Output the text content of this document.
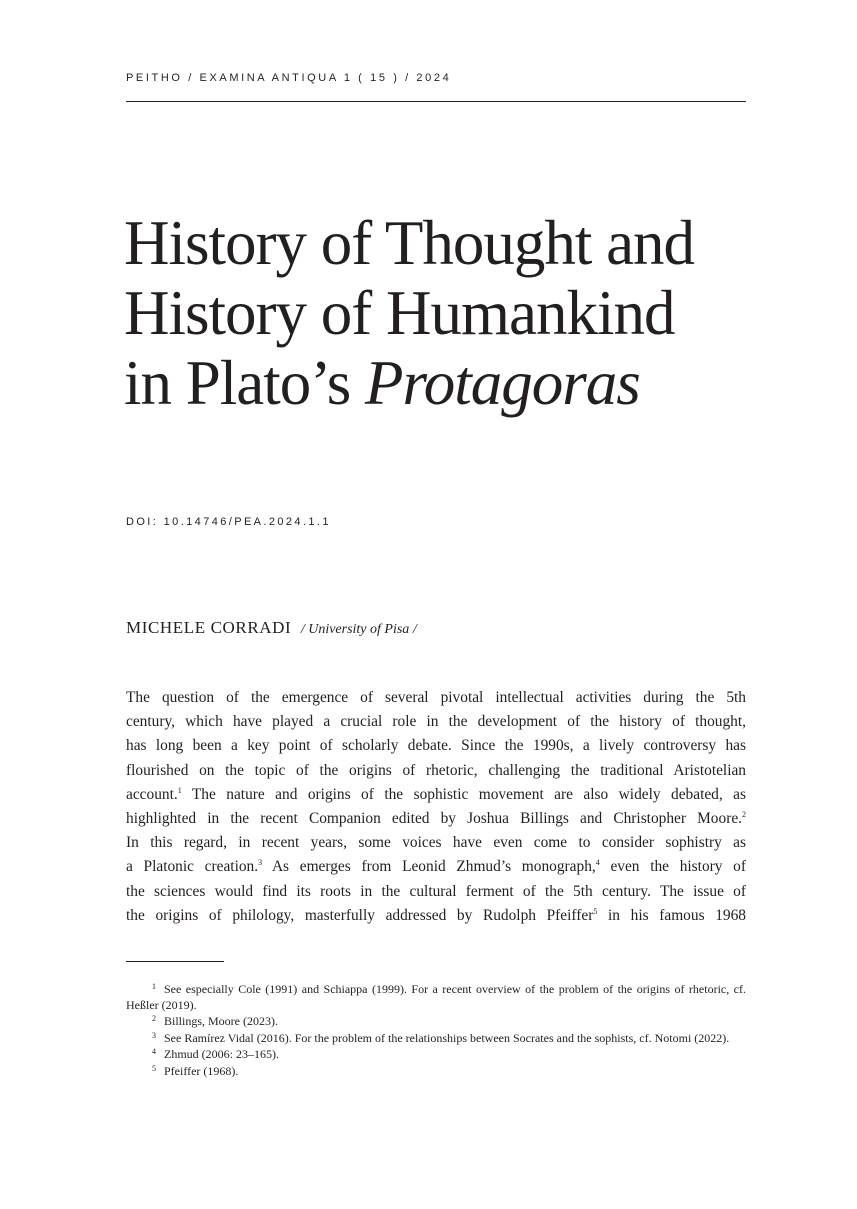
PEITHO / EXAMINA ANTIQUA 1 ( 15 ) / 2024
History of Thought and
History of Humankind
in Plato’s Protagoras
DOI: 10.14746/PEA.2024.1.1
MICHELE CORRADI / University of Pisa /
The question of the emergence of several pivotal intellectual activities during the 5th
century, which have played a crucial role in the development of the history of thought,
has long been a key point of scholarly debate. Since the 1990s, a lively controversy has
flourished on the topic of the origins of rhetoric, challenging the traditional Aristotelian
account.$^1$ The nature and origins of the sophistic movement are also widely debated, as
highlighted in the recent Companion edited by Joshua Billings and Christopher Moore.$^2$
In this regard, in recent years, some voices have even come to consider sophistry as
a Platonic creation.$^3$ As emerges from Leonid Zhmud’s monograph,$^4$ even the history of
the sciences would find its roots in the cultural ferment of the 5th century. The issue of
the origins of philology, masterfully addressed by Rudolph Pfeiffer$^5$ in his famous 1968

$^1$ See especially Cole (1991) and Schiappa (1999). For a recent overview of the problem of the origins of rhetoric, cf. Heßler (2019).

$^2$ Billings, Moore (2023).

$^3$ See Ramírez Vidal (2016). For the problem of the relationships between Socrates and the sophists, cf. Notomi (2022).

$^4$ Zhmud (2006: 23–165).

$^5$ Pfeiffer (1968).
